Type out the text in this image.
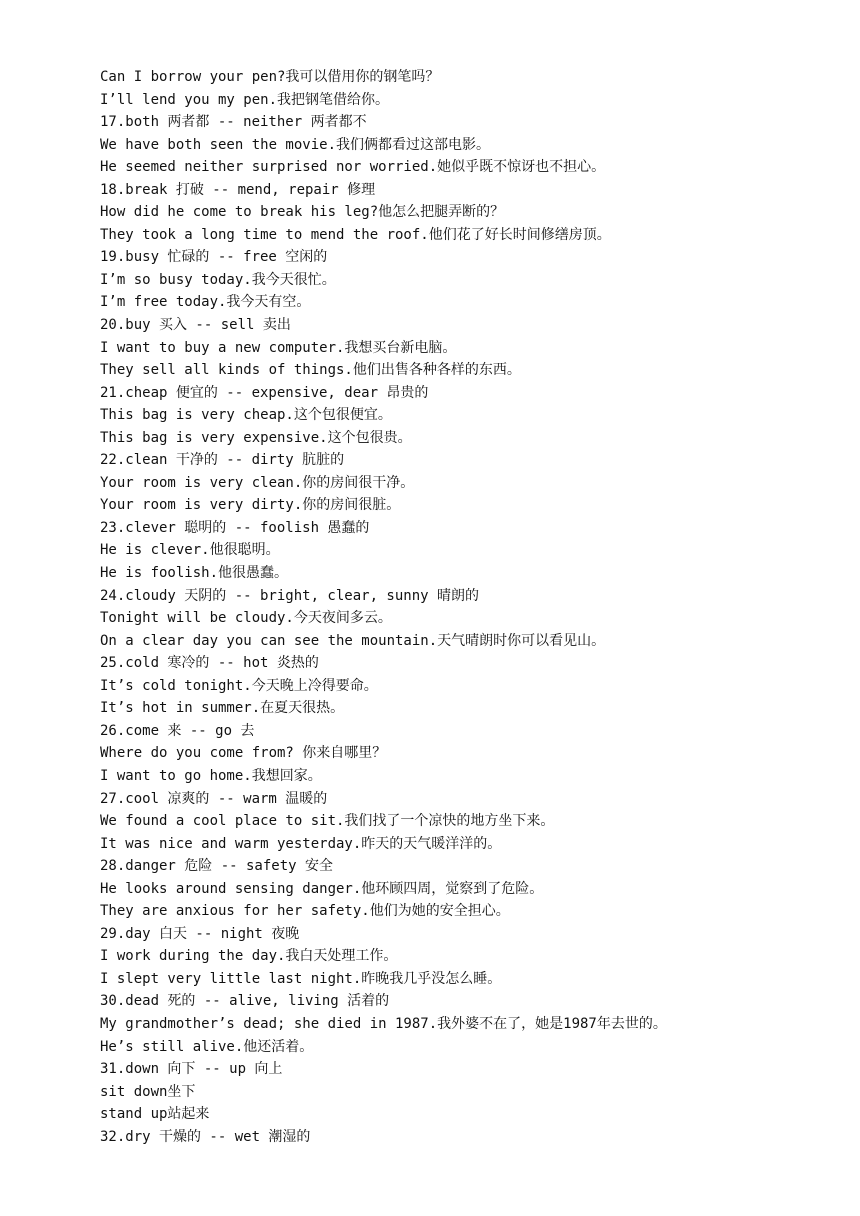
Can I borrow your pen?我可以借用你的钢笔吗？
I’ll lend you my pen.我把钢笔借给你。
17.both 两者都 -- neither 两者都不
We have both seen the movie.我们俩都看过这部电影。
He seemed neither surprised nor worried.她似乎既不惊讶也不担心。
18.break 打破 -- mend, repair 修理
How did he come to break his leg?他怎么把腿弄断的？
They took a long time to mend the roof.他们花了好长时间修缮房顶。
19.busy 忙碌的 -- free 空闲的
I’m so busy today.我今天很忙。
I’m free today.我今天有空。
20.buy 买入 -- sell 卖出
I want to buy a new computer.我想买台新电脑。
They sell all kinds of things.他们出售各种各样的东西。
21.cheap 便宜的 -- expensive, dear 昂贵的
This bag is very cheap.这个包很便宜。
This bag is very expensive.这个包很贵。
22.clean 干净的 -- dirty 肮脏的
Your room is very clean.你的房间很干净。
Your room is very dirty.你的房间很脏。
23.clever 聪明的 -- foolish 愚蠢的
He is clever.他很聪明。
He is foolish.他很愚蠢。
24.cloudy 天阴的 -- bright, clear, sunny 晴朗的
Tonight will be cloudy.今天夜间多云。
On a clear day you can see the mountain.天气晴朗时你可以看见山。
25.cold 寒冷的 -- hot 炎热的
It’s cold tonight.今天晚上冷得要命。
It’s hot in summer.在夏天很热。
26.come 来 -- go 去
Where do you come from? 你来自哪里？
I want to go home.我想回家。
27.cool 凉爽的 -- warm 温暖的
We found a cool place to sit.我们找了一个凉快的地方坐下来。
It was nice and warm yesterday.昨天的天气暖洋洋的。
28.danger 危险 -- safety 安全
He looks around sensing danger.他环顾四周，觉察到了危险。
They are anxious for her safety.他们为她的安全担心。
29.day 白天 -- night 夜晚
I work during the day.我白天处理工作。
I slept very little last night.昨晚我几乎没怎么睡。
30.dead 死的 -- alive, living 活着的
My grandmother’s dead; she died in 1987.我外婆不在了，她是1987年去世的。
He’s still alive.他还活着。
31.down 向下 -- up 向上
sit down坐下
stand up站起来
32.dry 干燥的 -- wet 潮湿的
